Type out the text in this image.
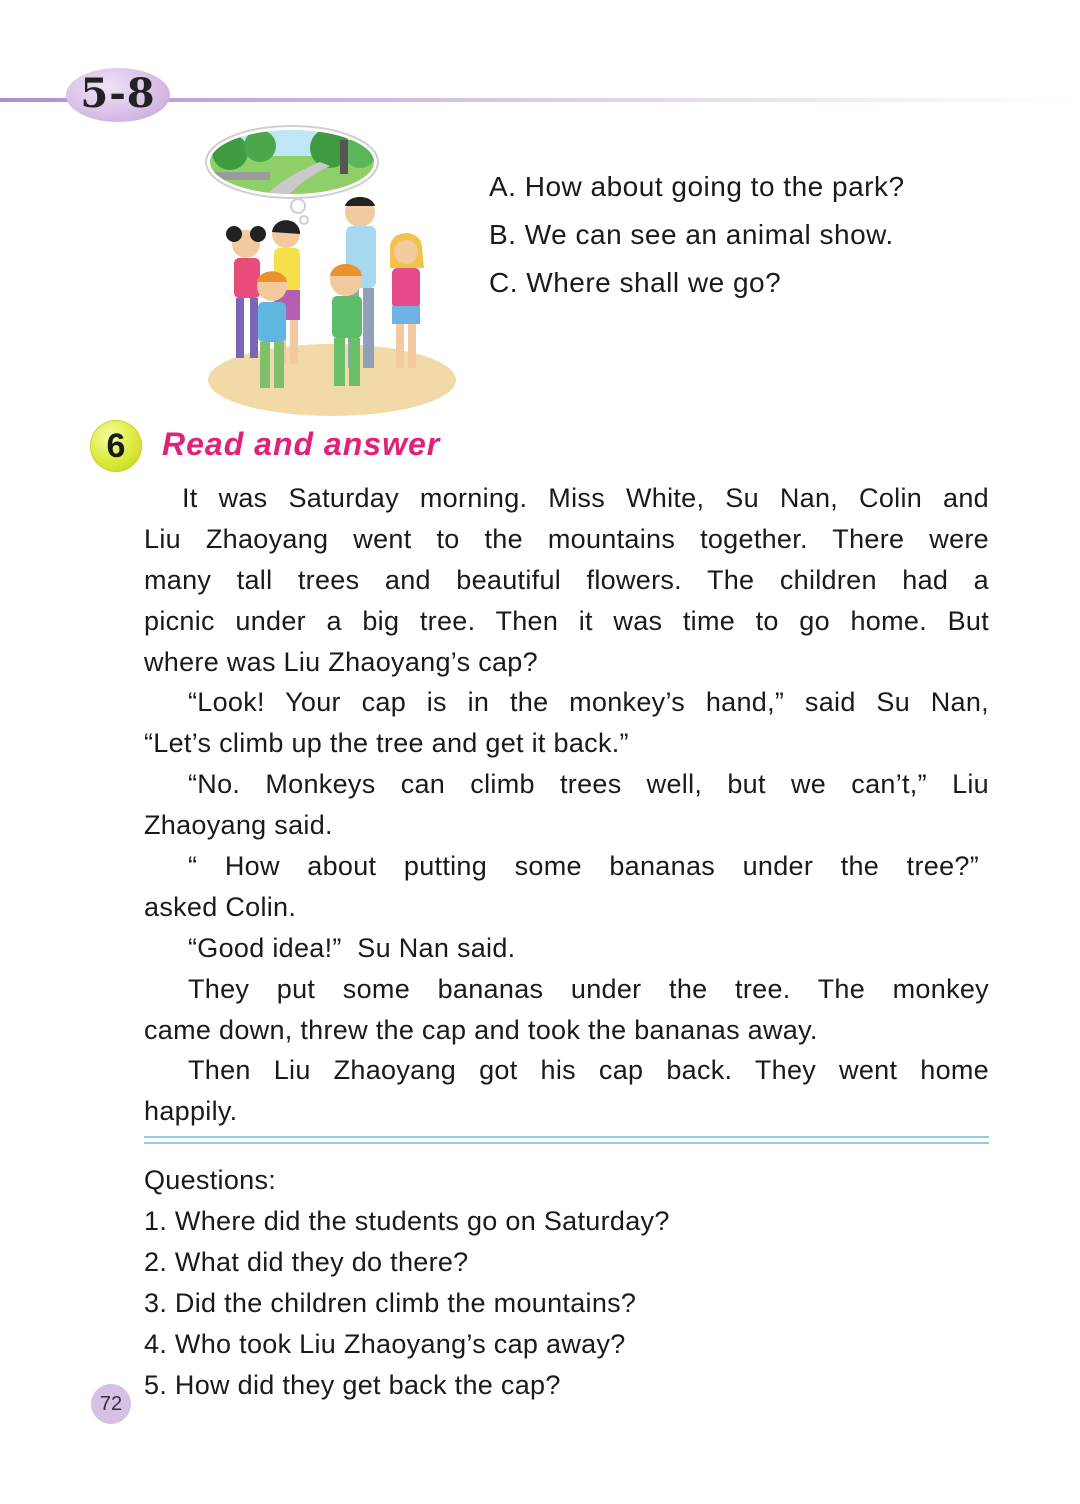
5-8
A. How about going to the park?
B. We can see an animal show.
C. Where shall we go?
6	Read and answer
It was Saturday morning. Miss White, Su Nan, Colin and
Liu Zhaoyang went to the mountains together. There were
many tall trees and beautiful flowers. The children had a
picnic under a big tree. Then it was time to go home. But
where was Liu Zhaoyang’s cap?
“Look! Your cap is in the monkey’s hand,” said Su Nan,
“Let’s climb up the tree and get it back.”
“No. Monkeys can climb trees well, but we can’t,” Liu
Zhaoyang said.
“ How about putting some bananas under the tree?”
asked Colin.
“Good idea!”  Su Nan said.
They put some bananas under the tree. The monkey
came down, threw the cap and took the bananas away.
Then Liu Zhaoyang got his cap back. They went home
happily.
Questions:
1. Where did the students go on Saturday?
2. What did they do there?
3. Did the children climb the mountains?
4. Who took Liu Zhaoyang’s cap away?
5. How did they get back the cap?
72
